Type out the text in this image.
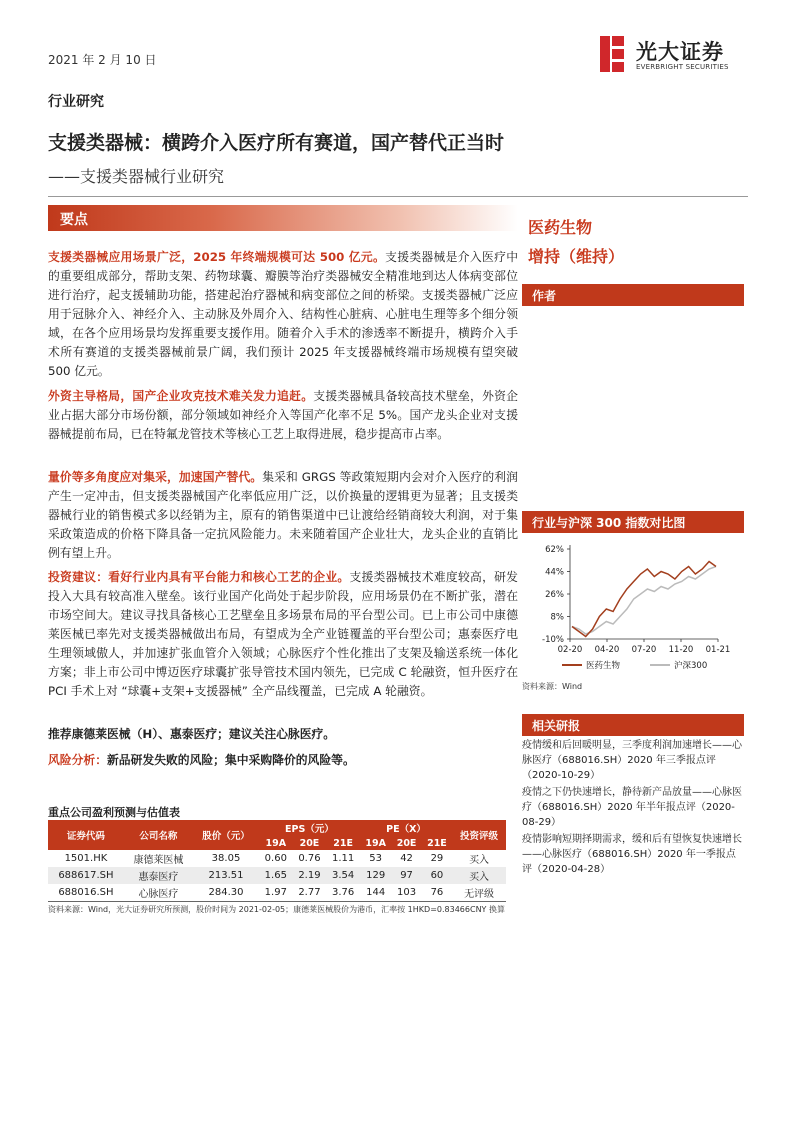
2021 年 2 月 10 日	光大证券
EVERBRIGHT SECURITIES
行业研究
支援类器械：横跨介入医疗所有赛道，国产替代正当时
——支援类器械行业研究
要点
支援类器械应用场景广泛，2025 年终端规模可达 500 亿元。支援类器械是介入医疗中的重要组成部分，帮助支架、药物球囊、瓣膜等治疗类器械安全精准地到达人体病变部位进行治疗，起支援辅助功能，搭建起治疗器械和病变部位之间的桥梁。支援类器械广泛应用于冠脉介入、神经介入、主动脉及外周介入、结构性心脏病、心脏电生理等多个细分领域，在各个应用场景均发挥重要支援作用。随着介入手术的渗透率不断提升，横跨介入手术所有赛道的支援类器械前景广阔，我们预计 2025 年支援器械终端市场规模有望突破 500 亿元。
外资主导格局，国产企业攻克技术难关发力追赶。支援类器械具备较高技术壁垒，外资企业占据大部分市场份额，部分领域如神经介入等国产化率不足 5%。国产龙头企业对支援器械提前布局，已在特氟龙管技术等核心工艺上取得进展，稳步提高市占率。
量价等多角度应对集采，加速国产替代。集采和 GRGS 等政策短期内会对介入医疗的利润产生一定冲击，但支援类器械国产化率低应用广泛，以价换量的逻辑更为显著；且支援类器械行业的销售模式多以经销为主，原有的销售渠道中已让渡给经销商较大利润，对于集采政策造成的价格下降具备一定抗风险能力。未来随着国产企业壮大，龙头企业的直销比例有望上升。
投资建议：看好行业内具有平台能力和核心工艺的企业。支援类器械技术难度较高，研发投入大具有较高准入壁垒。该行业国产化尚处于起步阶段，应用场景仍在不断扩张，潜在市场空间大。建议寻找具备核心工艺壁垒且多场景布局的平台型公司。已上市公司中康德莱医械已率先对支援类器械做出布局，有望成为全产业链覆盖的平台型公司；惠泰医疗电生理领域傲人，并加速扩张血管介入领域；心脉医疗个性化推出了支架及输送系统一体化方案；非上市公司中博迈医疗球囊扩张导管技术国内领先，已完成 C 轮融资，恒升医疗在 PCI 手术上对 “球囊+支架+支援器械” 全产品线覆盖，已完成 A 轮融资。
推荐康德莱医械（H）、惠泰医疗；建议关注心脉医疗。
风险分析：新品研发失败的风险；集中采购降价的风险等。
医药生物
增持（维持）
作者
行业与沪深 300 指数对比图
62%
44%
26%
8%
-10%
02-20 04-20 07-20 11-20 01-21
医药生物	沪深300
资料来源：Wind
相关研报
疫情缓和后回暖明显，三季度利润加速增长——心脉医疗（688016.SH）2020 年三季报点评（2020-10-29）
疫情之下仍快速增长，静待新产品放量——心脉医疗（688016.SH）2020 年半年报点评（2020-08-29）
疫情影响短期择期需求，缓和后有望恢复快速增长——心脉医疗（688016.SH）2020 年一季报点评（2020-04-28）
重点公司盈利预测与估值表
证券代码	公司名称	股价（元）	EPS（元）			PE（X）			投资评级
			19A	20E	21E	19A	20E	21E	
1501.HK	康德莱医械	38.05	0.60	0.76	1.11	53	42	29	买入
688617.SH	惠泰医疗	213.51	1.65	2.19	3.54	129	97	60	买入
688016.SH	心脉医疗	284.30	1.97	2.77	3.76	144	103	76	无评级
资料来源：Wind，光大证券研究所预测，股价时间为 2021-02-05；康德莱医械股价为港币，汇率按 1HKD=0.83466CNY 换算
